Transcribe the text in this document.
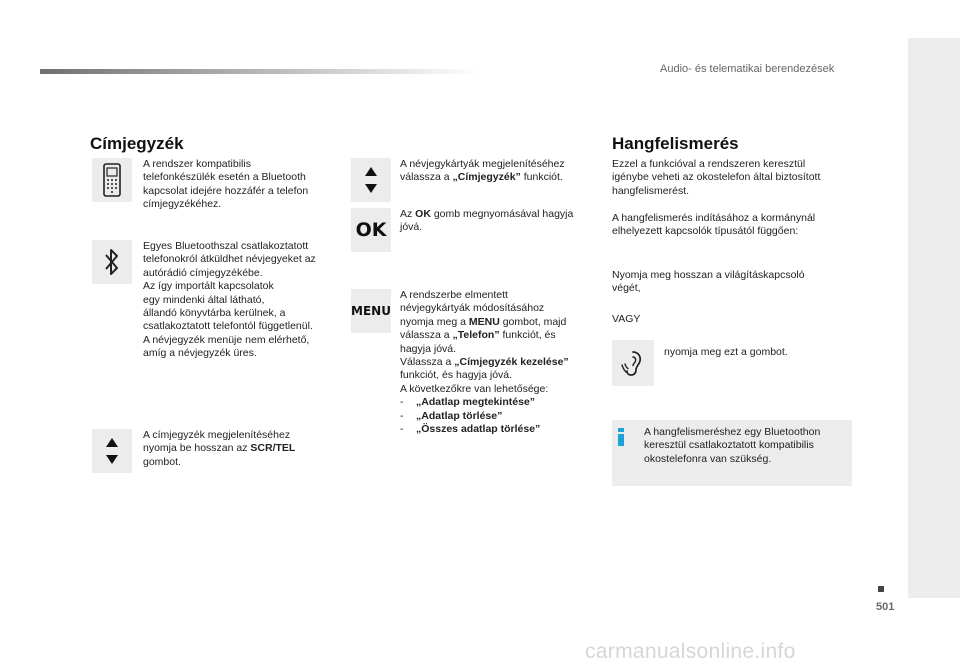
Audio- és telematikai berendezések
Címjegyzék
A rendszer kompatibilis
telefonkészülék esetén a Bluetooth
kapcsolat idejére hozzáfér a telefon
címjegyzékéhez.
Egyes Bluetoothszal csatlakoztatott
telefonokról átküldhet névjegyeket az
autórádió címjegyzékébe.
Az így importált kapcsolatok
egy mindenki által látható,
állandó könyvtárba kerülnek, a
csatlakoztatott telefontól függetlenül.
A névjegyzék menüje nem elérhető,
amíg a névjegyzék üres.
A címjegyzék megjelenítéséhez
nyomja be hosszan az SCR/TEL
gombot.
A névjegykártyák megjelenítéséhez
válassza a „Címjegyzék” funkciót.
OK
Az OK gomb megnyomásával hagyja
jóvá.
MENU
A rendszerbe elmentett
névjegykártyák módosításához
nyomja meg a MENU gombot, majd
válassza a „Telefon” funkciót, és
hagyja jóvá.
Válassza a „Címjegyzék kezelése”
funkciót, és hagyja jóvá.
A következőkre van lehetősége:
- „Adatlap megtekintése”
- „Adatlap törlése”
- „Összes adatlap törlése”
Hangfelismerés
Ezzel a funkcióval a rendszeren keresztül
igénybe veheti az okostelefon által biztosított
hangfelismerést.
A hangfelismerés indításához a kormánynál
elhelyezett kapcsolók típusától függően:
Nyomja meg hosszan a világításkapcsoló
végét,
VAGY
nyomja meg ezt a gombot.
A hangfelismeréshez egy Bluetoothon
keresztül csatlakoztatott kompatibilis
okostelefonra van szükség.
501
carmanualsonline.info
